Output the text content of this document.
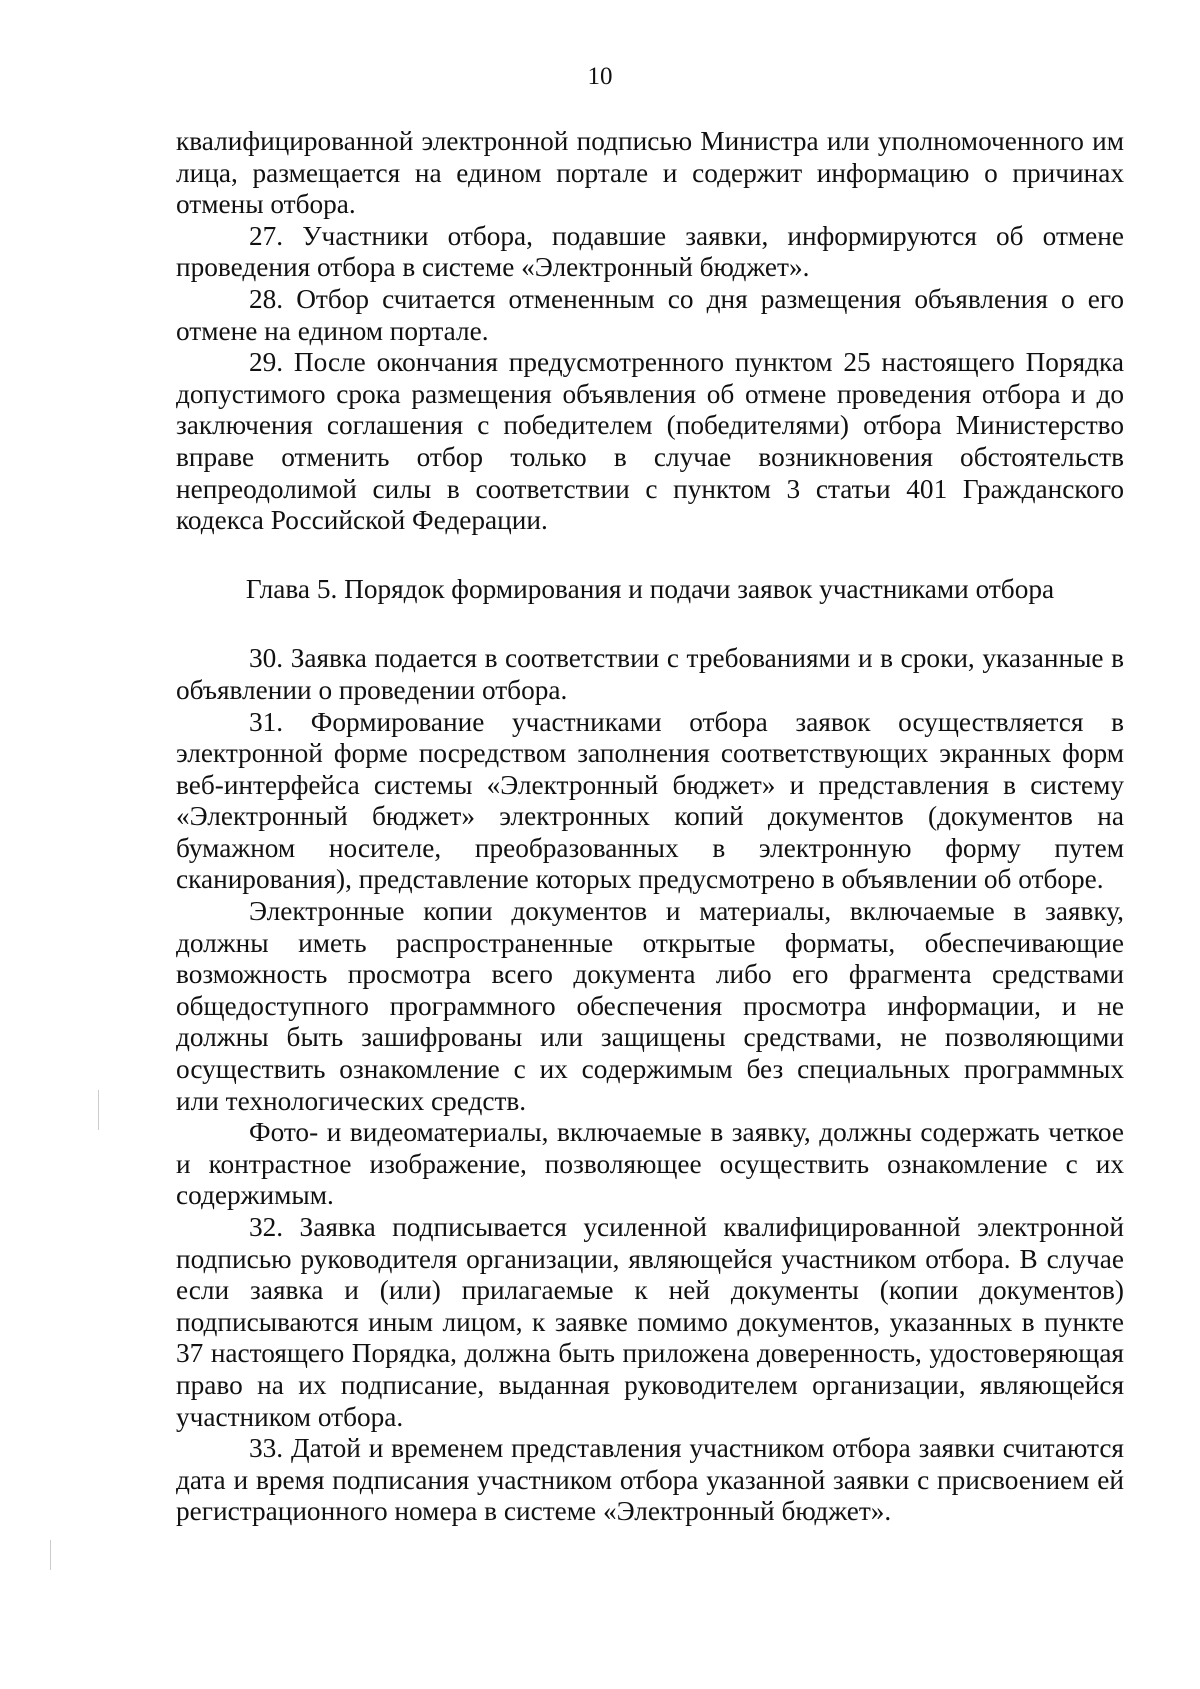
10

квалифицированной электронной подписью Министра или уполномоченного им лица, размещается на едином портале и содержит информацию о причинах отмены отбора.

27. Участники отбора, подавшие заявки, информируются об отмене проведения отбора в системе «Электронный бюджет».

28. Отбор считается отмененным со дня размещения объявления о его отмене на едином портале.

29. После окончания предусмотренного пунктом 25 настоящего Порядка допустимого срока размещения объявления об отмене проведения отбора и до заключения соглашения с победителем (победителями) отбора Министерство вправе отменить отбор только в случае возникновения обстоятельств непреодолимой силы в соответствии с пунктом 3 статьи 401 Гражданского кодекса Российской Федерации.

Глава 5. Порядок формирования и подачи заявок участниками отбора

30. Заявка подается в соответствии с требованиями и в сроки, указанные в объявлении о проведении отбора.

31. Формирование участниками отбора заявок осуществляется в электронной форме посредством заполнения соответствующих экранных форм веб-интерфейса системы «Электронный бюджет» и представления в систему «Электронный бюджет» электронных копий документов (документов на бумажном носителе, преобразованных в электронную форму путем сканирования), представление которых предусмотрено в объявлении об отборе.

Электронные копии документов и материалы, включаемые в заявку, должны иметь распространенные открытые форматы, обеспечивающие возможность просмотра всего документа либо его фрагмента средствами общедоступного программного обеспечения просмотра информации, и не должны быть зашифрованы или защищены средствами, не позволяющими осуществить ознакомление с их содержимым без специальных программных или технологических средств.

Фото- и видеоматериалы, включаемые в заявку, должны содержать четкое и контрастное изображение, позволяющее осуществить ознакомление с их содержимым.

32. Заявка подписывается усиленной квалифицированной электронной подписью руководителя организации, являющейся участником отбора. В случае если заявка и (или) прилагаемые к ней документы (копии документов) подписываются иным лицом, к заявке помимо документов, указанных в пункте 37 настоящего Порядка, должна быть приложена доверенность, удостоверяющая право на их подписание, выданная руководителем организации, являющейся участником отбора.

33. Датой и временем представления участником отбора заявки считаются дата и время подписания участником отбора указанной заявки с присвоением ей регистрационного номера в системе «Электронный бюджет».
